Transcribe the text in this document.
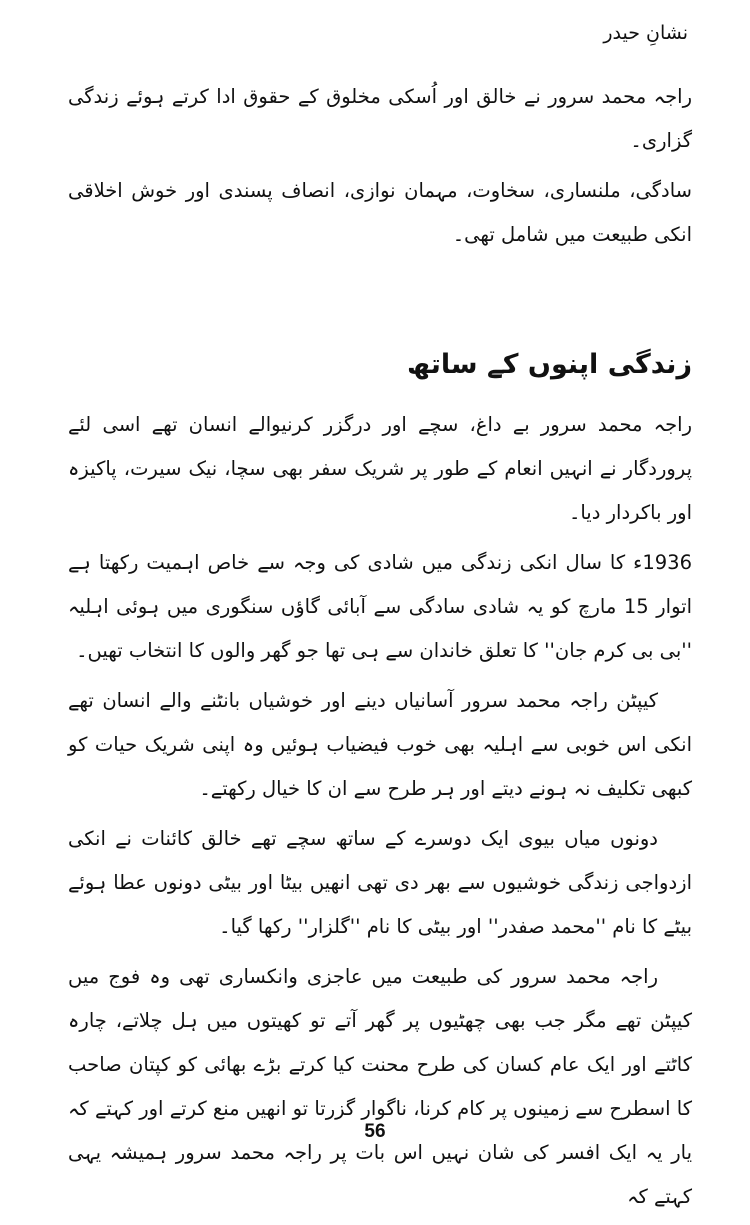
نشانِ حیدر

راجہ محمد سرور نے خالق اور اُسکی مخلوق کے حقوق ادا کرتے ہوئے زندگی گزاری۔

سادگی، ملنساری، سخاوت، مہمان نوازی، انصاف پسندی اور خوش اخلاقی انکی طبیعت میں شامل تھی۔

زندگی اپنوں کے ساتھ

راجہ محمد سرور بے داغ، سچے اور درگزر کرنیوالے انسان تھے اسی لئے پروردگار نے انہیں انعام کے طور پر شریک سفر بھی سچا، نیک سیرت، پاکیزہ اور باکردار دیا۔

1936ء کا سال انکی زندگی میں شادی کی وجہ سے خاص اہمیت رکھتا ہے اتوار 15 مارچ کو یہ شادی سادگی سے آبائی گاؤں سنگوری میں ہوئی اہلیہ ''بی بی کرم جان'' کا تعلق خاندان سے ہی تھا جو گھر والوں کا انتخاب تھیں۔

کیپٹن راجہ محمد سرور آسانیاں دینے اور خوشیاں بانٹنے والے انسان تھے انکی اس خوبی سے اہلیہ بھی خوب فیضیاب ہوئیں وہ اپنی شریک حیات کو کبھی تکلیف نہ ہونے دیتے اور ہر طرح سے ان کا خیال رکھتے۔

دونوں میاں بیوی ایک دوسرے کے ساتھ سچے تھے خالق کائنات نے انکی ازدواجی زندگی خوشیوں سے بھر دی تھی انھیں بیٹا اور بیٹی دونوں عطا ہوئے بیٹے کا نام ''محمد صفدر'' اور بیٹی کا نام ''گلزار'' رکھا گیا۔

راجہ محمد سرور کی طبیعت میں عاجزی وانکساری تھی وہ فوج میں کیپٹن تھے مگر جب بھی چھٹیوں پر گھر آتے تو کھیتوں میں ہل چلاتے، چارہ کاٹتے اور ایک عام کسان کی طرح محنت کیا کرتے بڑے بھائی کو کپتان صاحب کا اسطرح سے زمینوں پر کام کرنا، ناگوار گزرتا تو انھیں منع کرتے اور کہتے کہ یار یہ ایک افسر کی شان نہیں اس بات پر راجہ محمد سرور ہمیشہ یہی کہتے کہ

56
